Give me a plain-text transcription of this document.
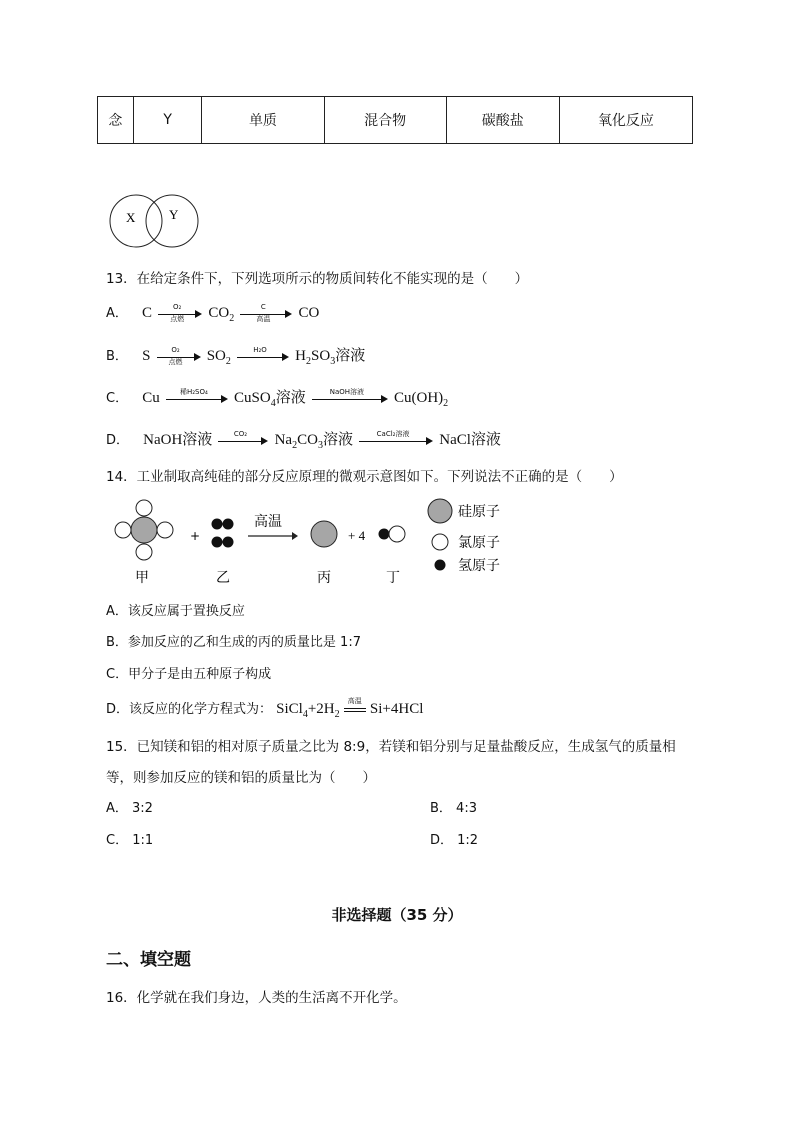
念	Y	单质	混合物	碳酸盐	氧化反应
X	Y
13．在给定条件下，下列选项所示的物质间转化不能实现的是（　　）
A． C	O₂
点燃	$CO_2$
C
高温	CO
B． S	O₂
点燃	$SO_2$
H₂O	$H_2SO_3$溶液
C． Cu	稀H₂SO₄	CuSO$_4$溶液	NaOH溶液	$Cu(OH)_2$
D． NaOH溶液	CO₂	$Na_2CO_3$溶液	CaCl₂溶液	NaCl溶液
14．工业制取高纯硅的部分反应原理的微观示意图如下。下列说法不正确的是（　　）
+
高温
+ 4
甲	乙	丙	丁
硅原子
氯原子
氢原子
A．该反应属于置换反应
B．参加反应的乙和生成的丙的质量比是 1:7
C．甲分子是由五种原子构成
D．该反应的化学方程式为： $SiCl_4+2H_2$
高温
Si+4HCl
15．已知镁和铝的相对原子质量之比为 8:9，若镁和铝分别与足量盐酸反应，生成氢气的质量相
等，则参加反应的镁和铝的质量比为（　　）
A． 3:2	B． 4:3
C． 1:1	D． 1:2
非选择题（35 分）
二、填空题
16．化学就在我们身边，人类的生活离不开化学。
